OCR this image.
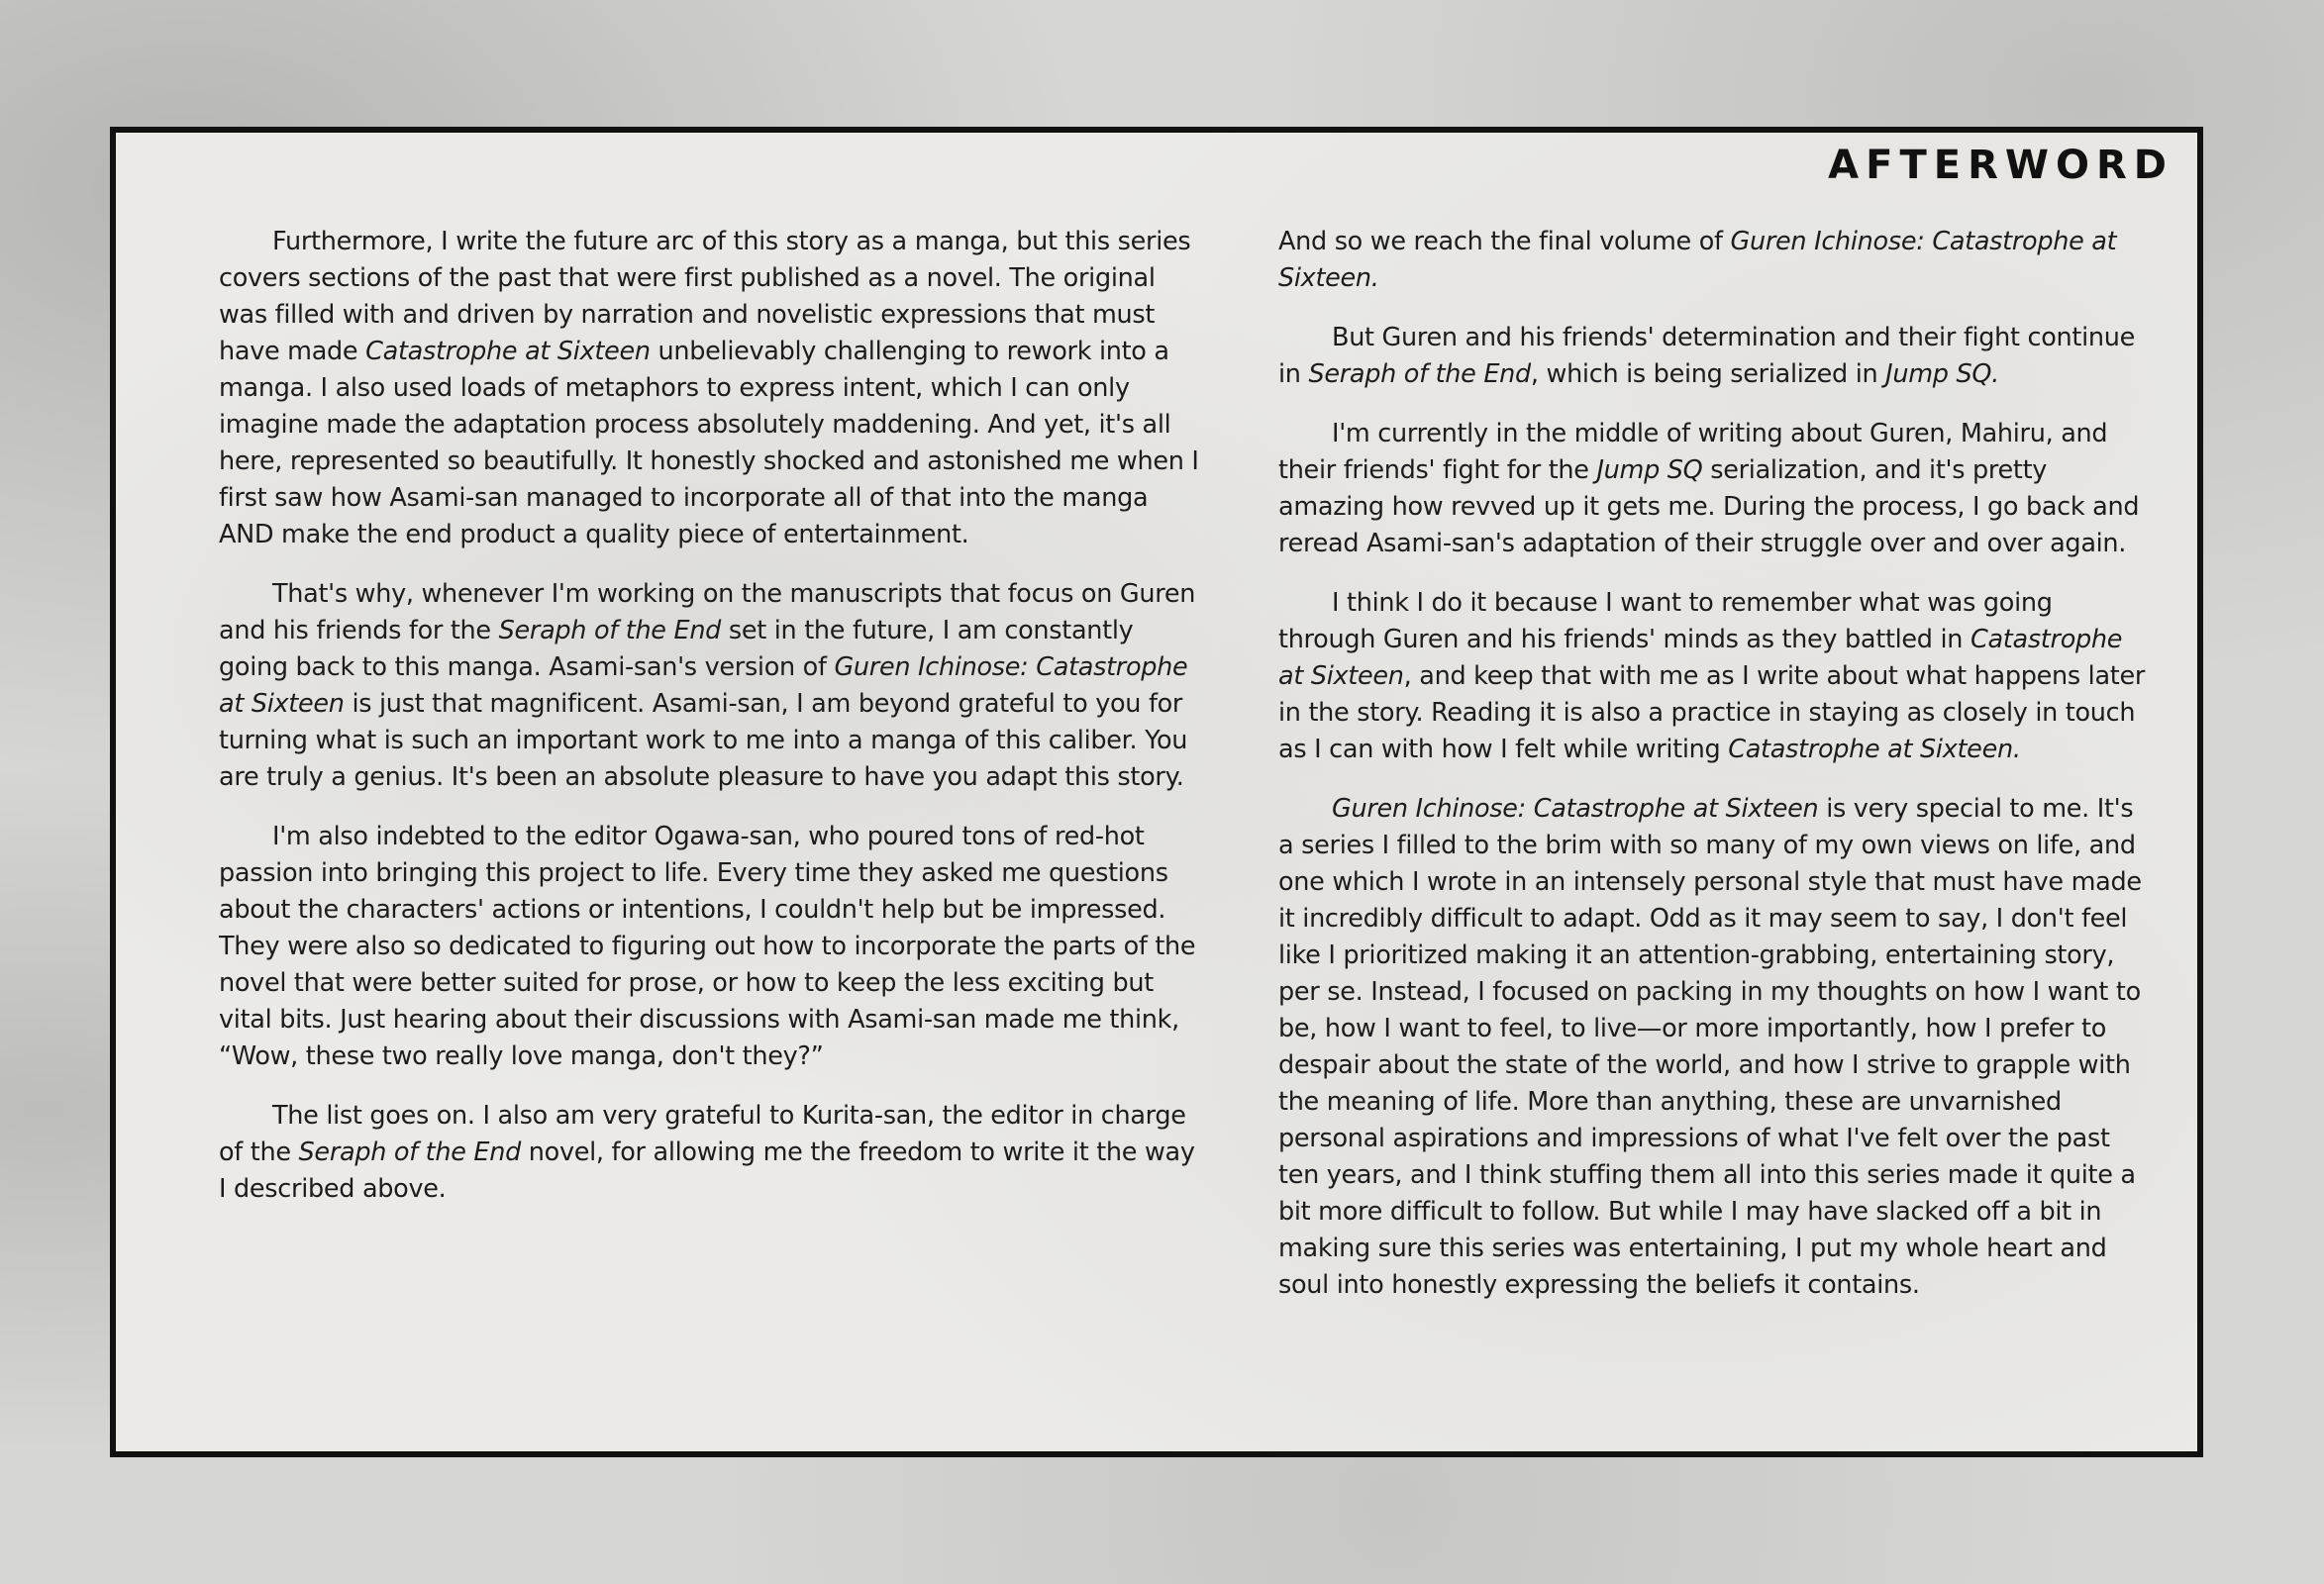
AFTERWORD

Furthermore, I write the future arc of this story as a manga, but this series covers sections of the past that were first published as a novel. The original was filled with and driven by narration and novelistic expressions that must have made Catastrophe at Sixteen unbelievably challenging to rework into a manga. I also used loads of metaphors to express intent, which I can only imagine made the adaptation process absolutely maddening. And yet, it's all here, represented so beautifully. It honestly shocked and astonished me when I first saw how Asami-san managed to incorporate all of that into the manga AND make the end product a quality piece of entertainment.

That's why, whenever I'm working on the manuscripts that focus on Guren and his friends for the Seraph of the End set in the future, I am constantly going back to this manga. Asami-san's version of Guren Ichinose: Catastrophe at Sixteen is just that magnificent. Asami-san, I am beyond grateful to you for turning what is such an important work to me into a manga of this caliber. You are truly a genius. It's been an absolute pleasure to have you adapt this story.

I'm also indebted to the editor Ogawa-san, who poured tons of red-hot passion into bringing this project to life. Every time they asked me questions about the characters' actions or intentions, I couldn't help but be impressed. They were also so dedicated to figuring out how to incorporate the parts of the novel that were better suited for prose, or how to keep the less exciting but vital bits. Just hearing about their discussions with Asami-san made me think, “Wow, these two really love manga, don't they?”

The list goes on. I also am very grateful to Kurita-san, the editor in charge of the Seraph of the End novel, for allowing me the freedom to write it the way I described above.

And so we reach the final volume of Guren Ichinose: Catastrophe at Sixteen.

But Guren and his friends' determination and their fight continue in Seraph of the End, which is being serialized in Jump SQ.

I'm currently in the middle of writing about Guren, Mahiru, and their friends' fight for the Jump SQ serialization, and it's pretty amazing how revved up it gets me. During the process, I go back and reread Asami-san's adaptation of their struggle over and over again.

I think I do it because I want to remember what was going through Guren and his friends' minds as they battled in Catastrophe at Sixteen, and keep that with me as I write about what happens later in the story. Reading it is also a practice in staying as closely in touch as I can with how I felt while writing Catastrophe at Sixteen.

Guren Ichinose: Catastrophe at Sixteen is very special to me. It's a series I filled to the brim with so many of my own views on life, and one which I wrote in an intensely personal style that must have made it incredibly difficult to adapt. Odd as it may seem to say, I don't feel like I prioritized making it an attention-grabbing, entertaining story, per se. Instead, I focused on packing in my thoughts on how I want to be, how I want to feel, to live—or more importantly, how I prefer to despair about the state of the world, and how I strive to grapple with the meaning of life. More than anything, these are unvarnished personal aspirations and impressions of what I've felt over the past ten years, and I think stuffing them all into this series made it quite a bit more difficult to follow. But while I may have slacked off a bit in making sure this series was entertaining, I put my whole heart and soul into honestly expressing the beliefs it contains.
